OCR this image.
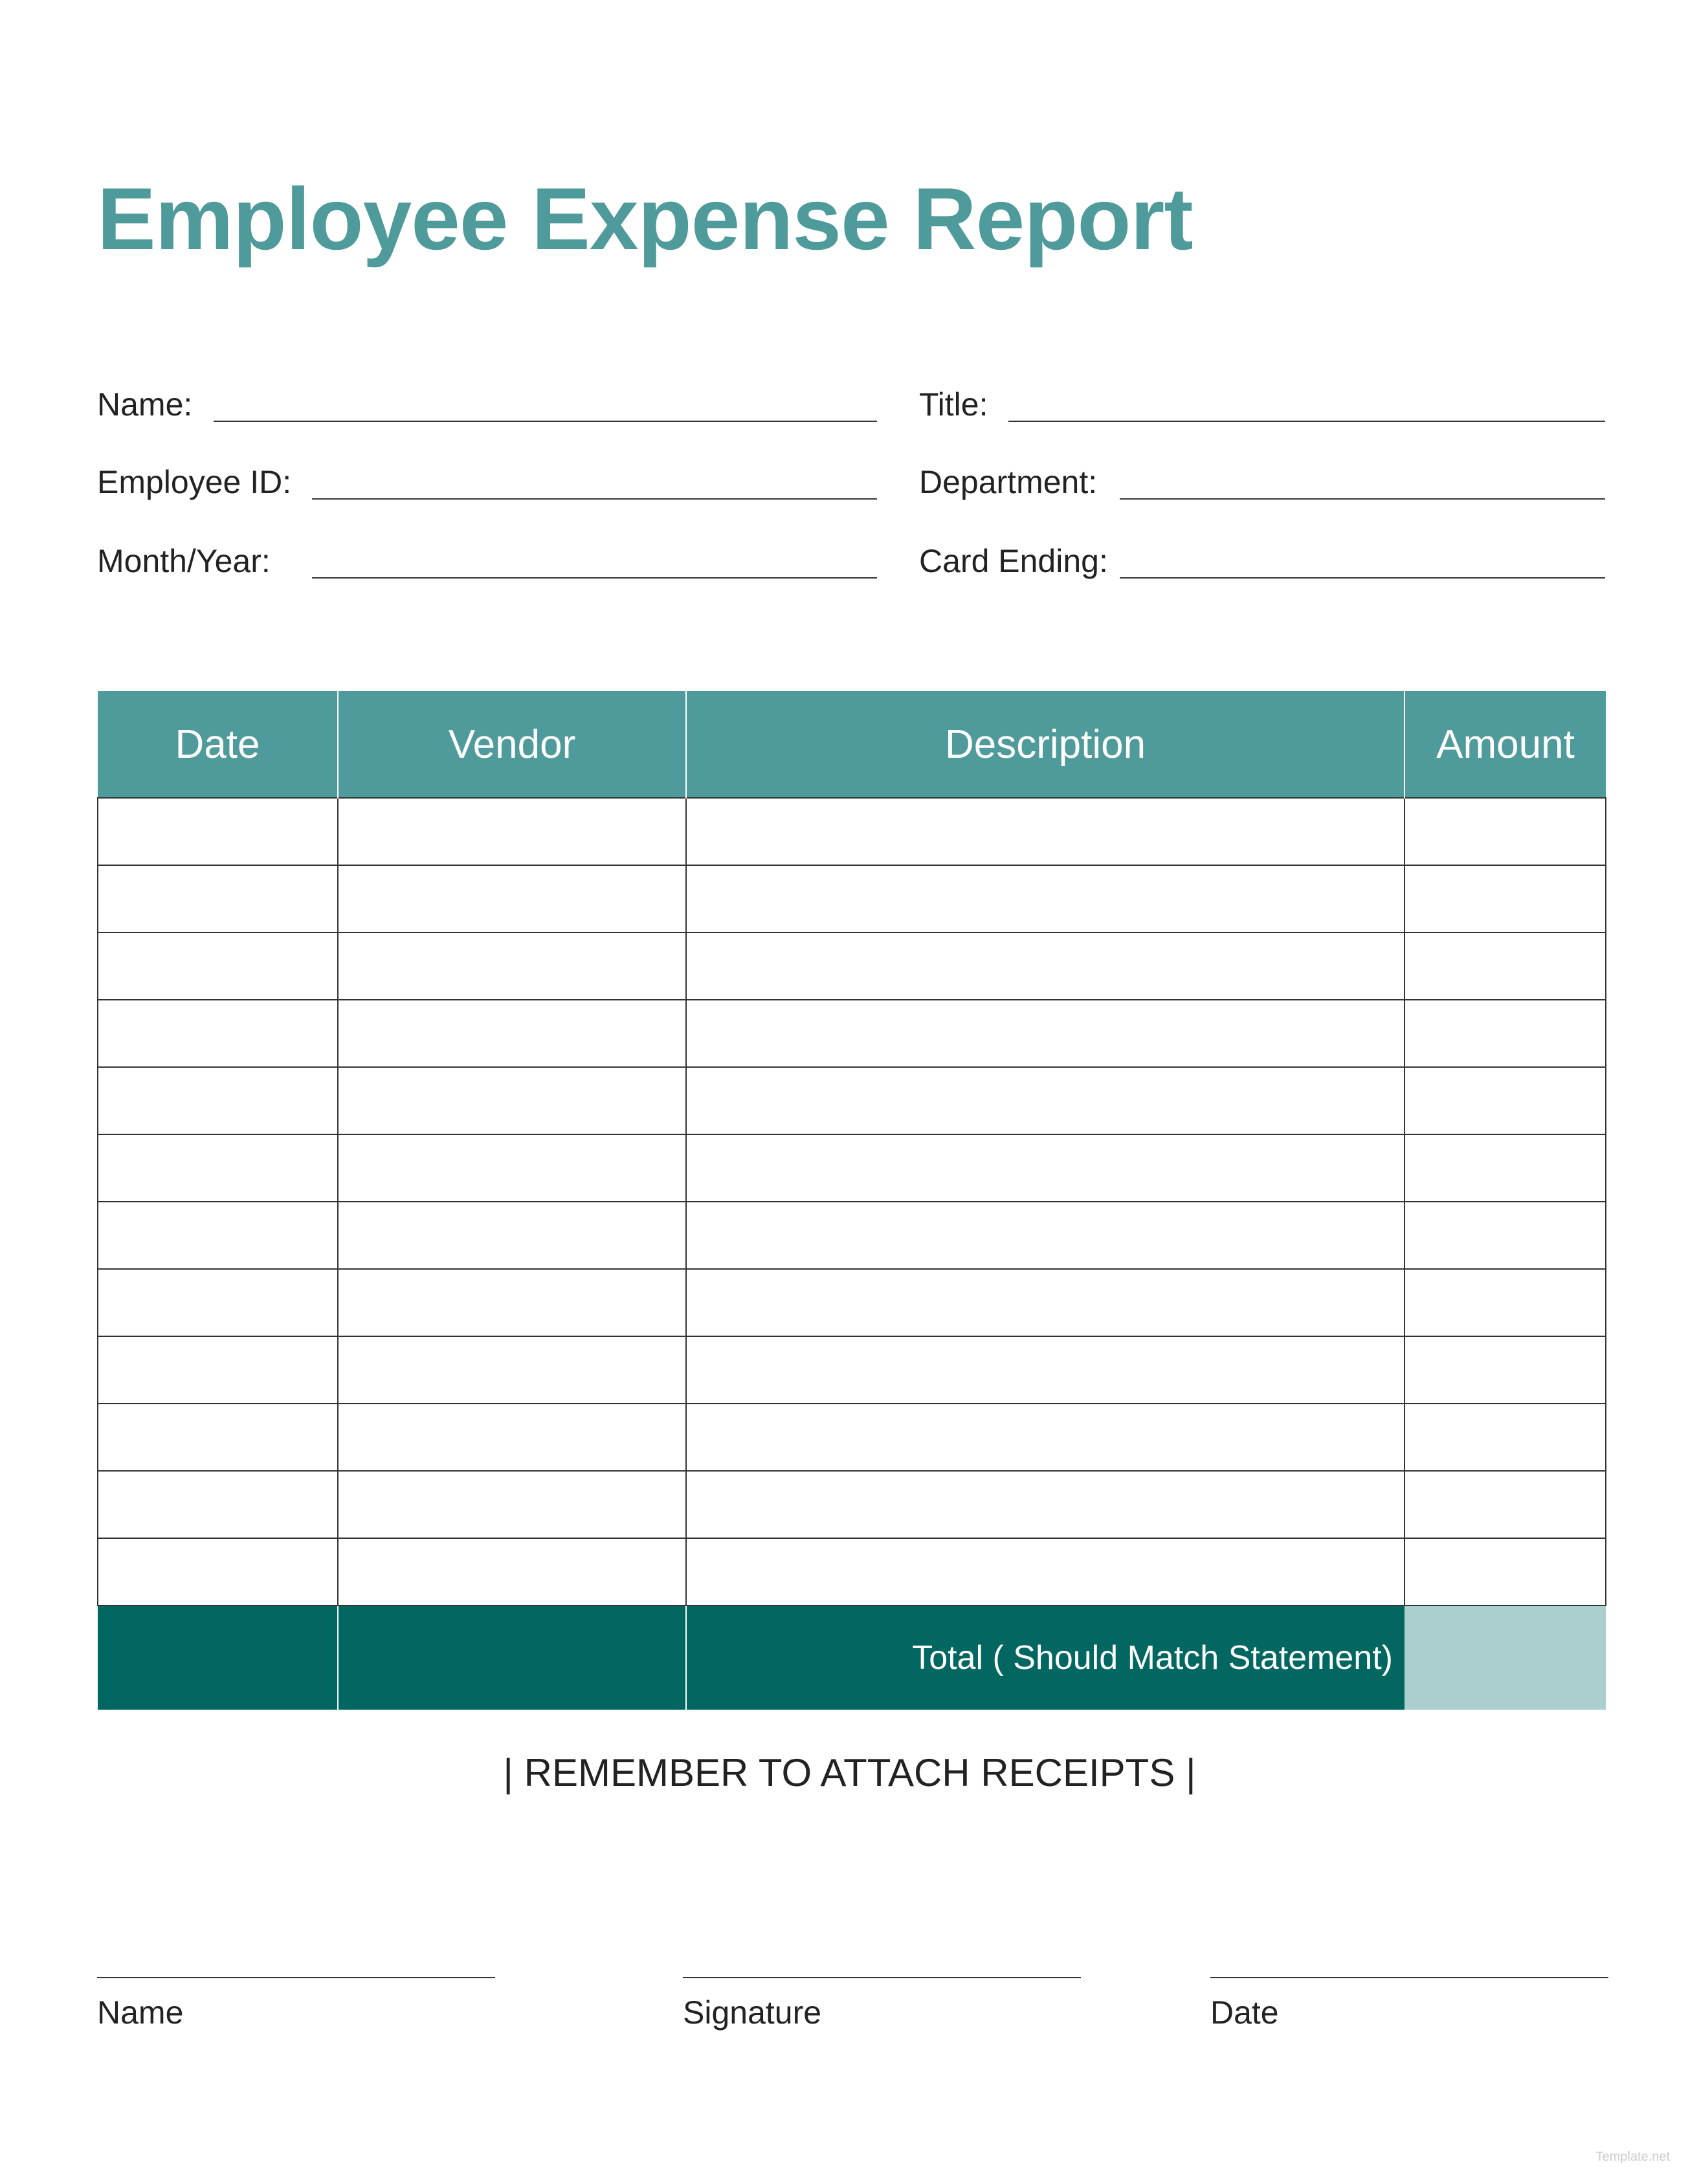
Employee Expense Report
Name:
Employee ID:
Month/Year:
Title:
Department:
Card Ending:
Date	Vendor	Description	Amount

		Total ( Should Match Statement)	
| REMEMBER TO ATTACH RECEIPTS |
Name	Signature	Date
Template.net
